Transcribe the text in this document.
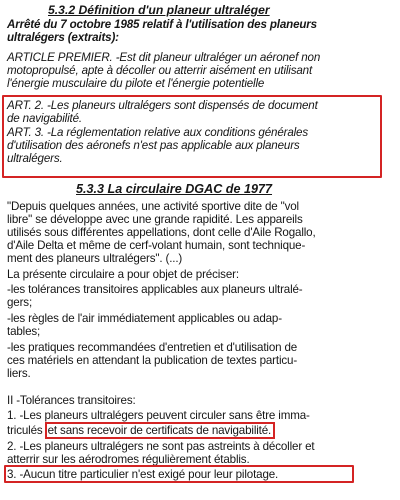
5.3.2 Définition d'un planeur ultraléger
Arrêté du 7 octobre 1985 relatif à l'utilisation des planeurs
ultralégers (extraits):
ARTICLE PREMIER. -Est dit planeur ultraléger un aéronef non
motopropulsé, apte à décoller ou atterrir aisément en utilisant
l'énergie musculaire du pilote et l'énergie potentielle
ART. 2. -Les planeurs ultralégers sont dispensés de document
de navigabilité.
ART. 3. -La réglementation relative aux conditions générales
d'utilisation des aéronefs n'est pas applicable aux planeurs
ultralégers.
5.3.3 La circulaire DGAC de 1977
"Depuis quelques années, une activité sportive dite de "vol
libre" se développe avec une grande rapidité. Les appareils
utilisés sous différentes appellations, dont celle d'Aile Rogallo,
d'Aile Delta et même de cerf-volant humain, sont technique-
ment des planeurs ultralégers". (...)
La présente circulaire a pour objet de préciser:
-les tolérances transitoires applicables aux planeurs ultralé-
gers;
-les règles de l'air immédiatement applicables ou adap-
tables;
-les pratiques recommandées d'entretien et d'utilisation de
ces matériels en attendant la publication de textes particu-
liers.
II -Tolérances transitoires:
1. -Les planeurs ultralégers peuvent circuler sans être imma-
triculés et sans recevoir de certificats de navigabilité.
2. -Les planeurs ultralégers ne sont pas astreints à décoller et
atterrir sur les aérodromes régulièrement établis.
3. -Aucun titre particulier n'est exigé pour leur pilotage.
